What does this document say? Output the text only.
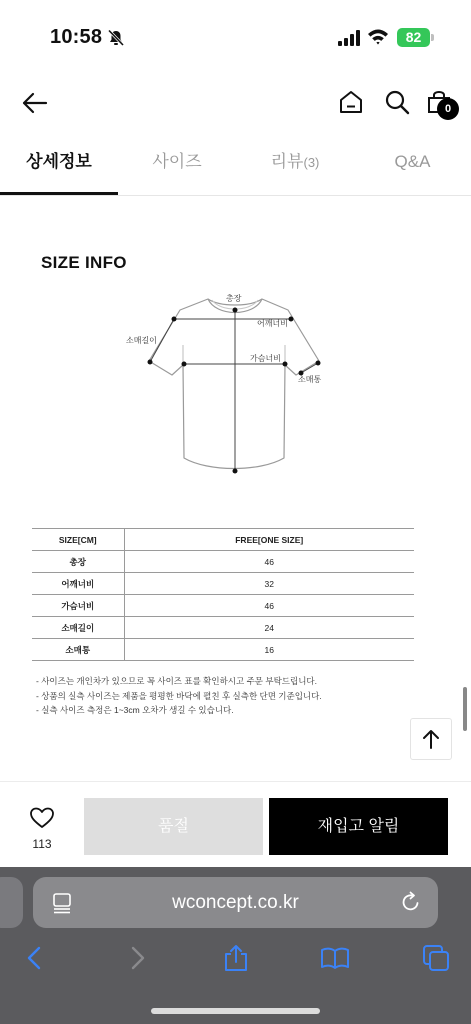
10:58	82
0
상세정보	사이즈	리뷰(3)	Q&A
SIZE INFO
총장
어깨너비
소매길이
가슴너비
소매통
SIZE[CM]	FREE[ONE SIZE]
총장	46
어깨너비	32
가슴너비	46
소매길이	24
소매통	16
- 사이즈는 개인차가 있으므로 꼭 사이즈 표를 확인하시고 주문 부탁드립니다.
- 상품의 실측 사이즈는 제품을 평평한 바닥에 펼친 후 실측한 단면 기준입니다.
- 실측 사이즈 측정은 1~3cm 오차가 생길 수 있습니다.
113
품절	재입고 알림
wconcept.co.kr
